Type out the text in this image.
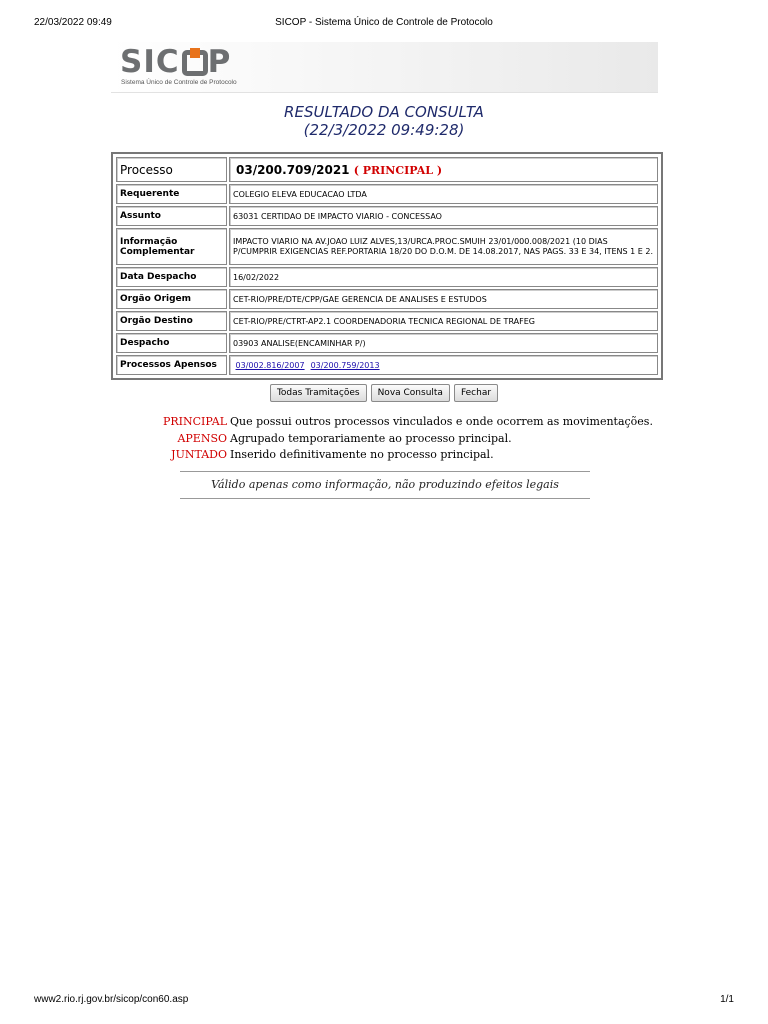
22/03/2022 09:49	SICOP - Sistema Único de Controle de Protocolo
SIC P
Sistema Único de Controle de Protocolo
RESULTADO DA CONSULTA
(22/3/2022 09:49:28)
Processo	03/200.709/2021 ( PRINCIPAL )
Requerente	COLEGIO ELEVA EDUCACAO LTDA
Assunto	63031 CERTIDAO DE IMPACTO VIARIO - CONCESSAO
Informação Complementar	IMPACTO VIARIO NA AV.JOAO LUIZ ALVES,13/URCA.PROC.SMUIH 23/01/000.008/2021 (10 DIAS P/CUMPRIR EXIGENCIAS REF.PORTARIA 18/20 DO D.O.M. DE 14.08.2017, NAS PAGS. 33 E 34, ITENS 1 E 2.
Data Despacho	16/02/2022
Orgão Origem	CET-RIO/PRE/DTE/CPP/GAE GERENCIA DE ANALISES E ESTUDOS
Orgão Destino	CET-RIO/PRE/CTRT-AP2.1 COORDENADORIA TECNICA REGIONAL DE TRAFEG
Despacho	03903 ANALISE(ENCAMINHAR P/)
Processos Apensos	03/002.816/2007 03/200.759/2013
Todas Tramitações Nova Consulta Fechar
PRINCIPAL Que possui outros processos vinculados e onde ocorrem as movimentações.
APENSO Agrupado temporariamente ao processo principal.
JUNTADO Inserido definitivamente no processo principal.
Válido apenas como informação, não produzindo efeitos legais
www2.rio.rj.gov.br/sicop/con60.asp	1/1
